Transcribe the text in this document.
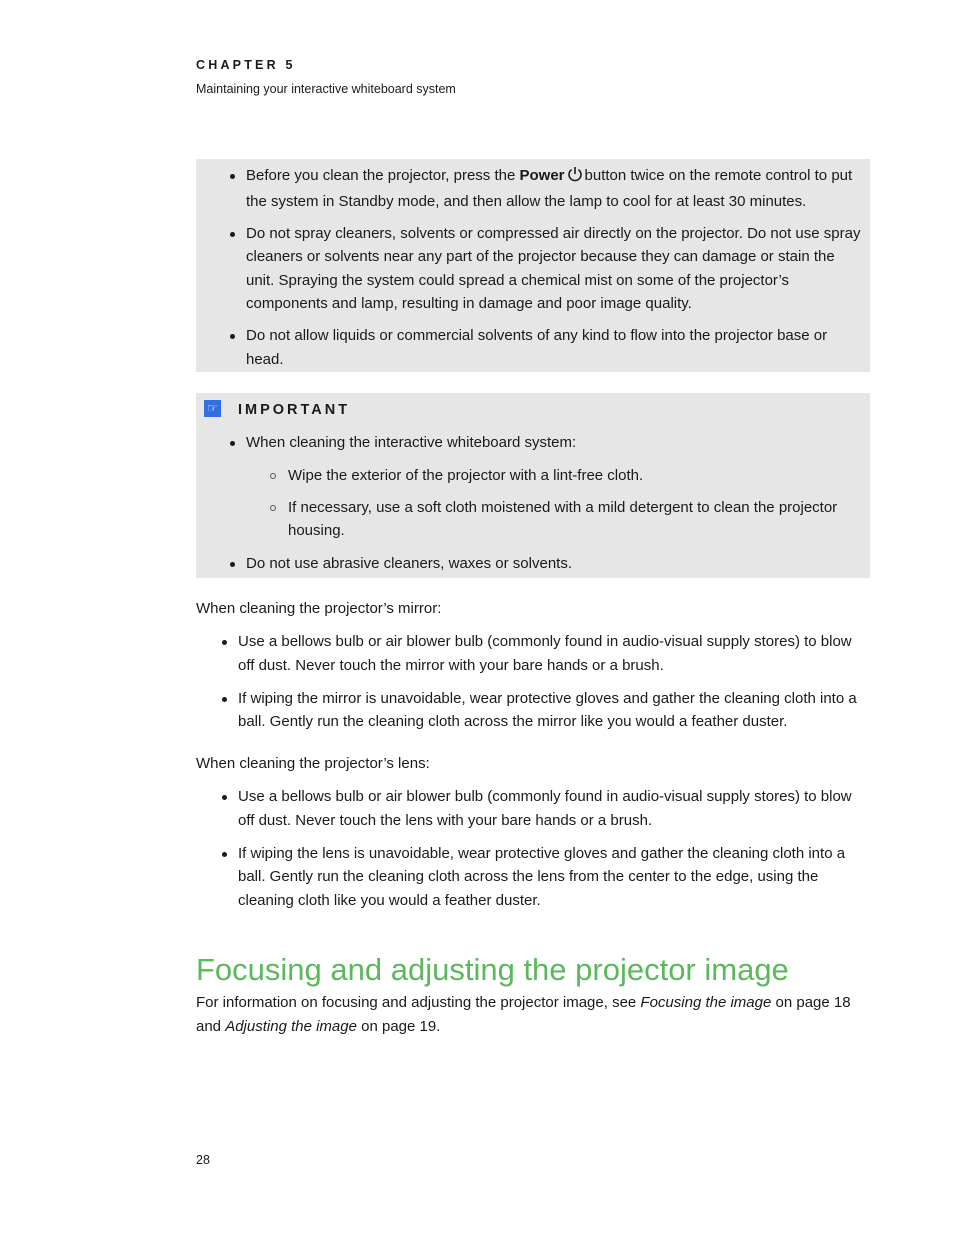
CHAPTER 5
Maintaining your interactive whiteboard system
Before you clean the projector, press the Power button twice on the remote control to put the system in Standby mode, and then allow the lamp to cool for at least 30 minutes.
Do not spray cleaners, solvents or compressed air directly on the projector. Do not use spray cleaners or solvents near any part of the projector because they can damage or stain the unit. Spraying the system could spread a chemical mist on some of the projector’s components and lamp, resulting in damage and poor image quality.
Do not allow liquids or commercial solvents of any kind to flow into the projector base or head.
☞ IMPORTANT
When cleaning the interactive whiteboard system:
Wipe the exterior of the projector with a lint-free cloth.
If necessary, use a soft cloth moistened with a mild detergent to clean the projector housing.
Do not use abrasive cleaners, waxes or solvents.
When cleaning the projector’s mirror:
Use a bellows bulb or air blower bulb (commonly found in audio-visual supply stores) to blow off dust. Never touch the mirror with your bare hands or a brush.
If wiping the mirror is unavoidable, wear protective gloves and gather the cleaning cloth into a ball. Gently run the cleaning cloth across the mirror like you would a feather duster.
When cleaning the projector’s lens:
Use a bellows bulb or air blower bulb (commonly found in audio-visual supply stores) to blow off dust. Never touch the lens with your bare hands or a brush.
If wiping the lens is unavoidable, wear protective gloves and gather the cleaning cloth into a ball. Gently run the cleaning cloth across the lens from the center to the edge, using the cleaning cloth like you would a feather duster.
Focusing and adjusting the projector image
For information on focusing and adjusting the projector image, see Focusing the image on page 18 and Adjusting the image on page 19.
28
